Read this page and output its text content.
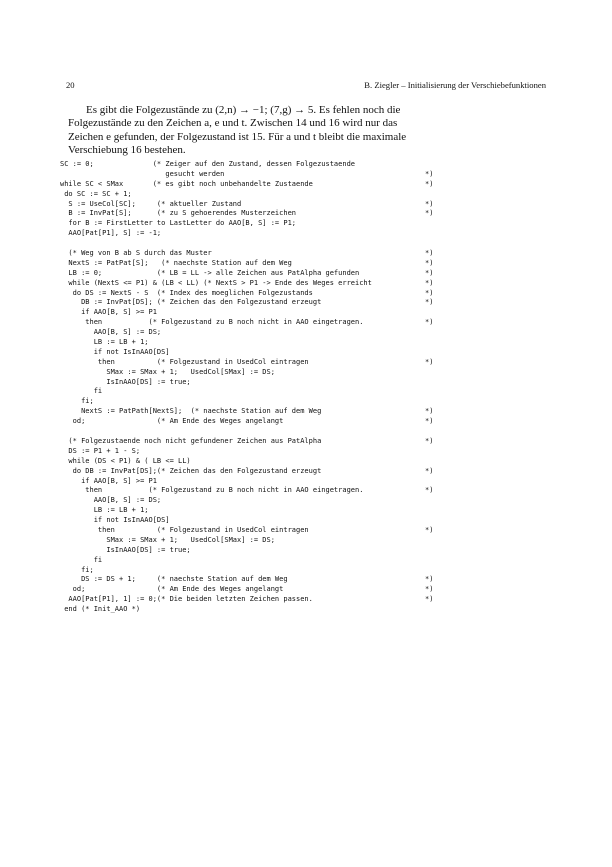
20	B. Ziegler – Initialisierung der Verschiebefunktionen

Es gibt die Folgezustände zu (2,n) → −1; (7,g) → 5. Es fehlen noch die

Folgezustände zu den Zeichen a, e und t. Zwischen 14 und 16 wird nur das

Zeichen e gefunden, der Folgezustand ist 15. Für a und t bleibt die maximale

Verschiebung 16 bestehen.

SC := 0;              (* Zeiger auf den Zustand, dessen Folgezustaende
gesucht werden	*)
while SC < SMax       (* es gibt noch unbehandelte Zustaende	*)
do SC := SC + 1;
S := UseCol[SC];     (* aktueller Zustand	*)
B := InvPat[S];      (* zu S gehoerendes Musterzeichen	*)
for B := FirstLetter to LastLetter do AAO[B, S] := P1;
AAO[Pat[P1], S] := -1;
(* Weg von B ab S durch das Muster	*)
NextS := PatPat[S];   (* naechste Station auf dem Weg	*)
LB := 0;             (* LB = LL -> alle Zeichen aus PatAlpha gefunden	*)
while (NextS <= P1) & (LB < LL) (* NextS > P1 -> Ende des Weges erreicht	*)
do DS := NextS - S  (* Index des moeglichen Folgezustands	*)
DB := InvPat[DS]; (* Zeichen das den Folgezustand erzeugt	*)
if AAO[B, S] >= P1
then           (* Folgezustand zu B noch nicht in AAO eingetragen.	*)
AAO[B, S] := DS;
LB := LB + 1;
if not IsInAAO[DS]
then          (* Folgezustand in UsedCol eintragen	*)
SMax := SMax + 1;   UsedCol[SMax] := DS;
IsInAAO[DS] := true;
fi
fi;
NextS := PatPath[NextS];  (* naechste Station auf dem Weg	*)
od;                 (* Am Ende des Weges angelangt	*)
(* Folgezustaende noch nicht gefundener Zeichen aus PatAlpha	*)
DS := P1 + 1 - S;
while (DS < P1) & ( LB <= LL)
do DB := InvPat[DS];(* Zeichen das den Folgezustand erzeugt	*)
if AAO[B, S] >= P1
then           (* Folgezustand zu B noch nicht in AAO eingetragen.	*)
AAO[B, S] := DS;
LB := LB + 1;
if not IsInAAO[DS]
then          (* Folgezustand in UsedCol eintragen	*)
SMax := SMax + 1;   UsedCol[SMax] := DS;
IsInAAO[DS] := true;
fi
fi;
DS := DS + 1;     (* naechste Station auf dem Weg	*)
od;                 (* Am Ende des Weges angelangt	*)
AAO[Pat[P1], 1] := 0;(* Die beiden letzten Zeichen passen.	*)
end (* Init_AAO *)
